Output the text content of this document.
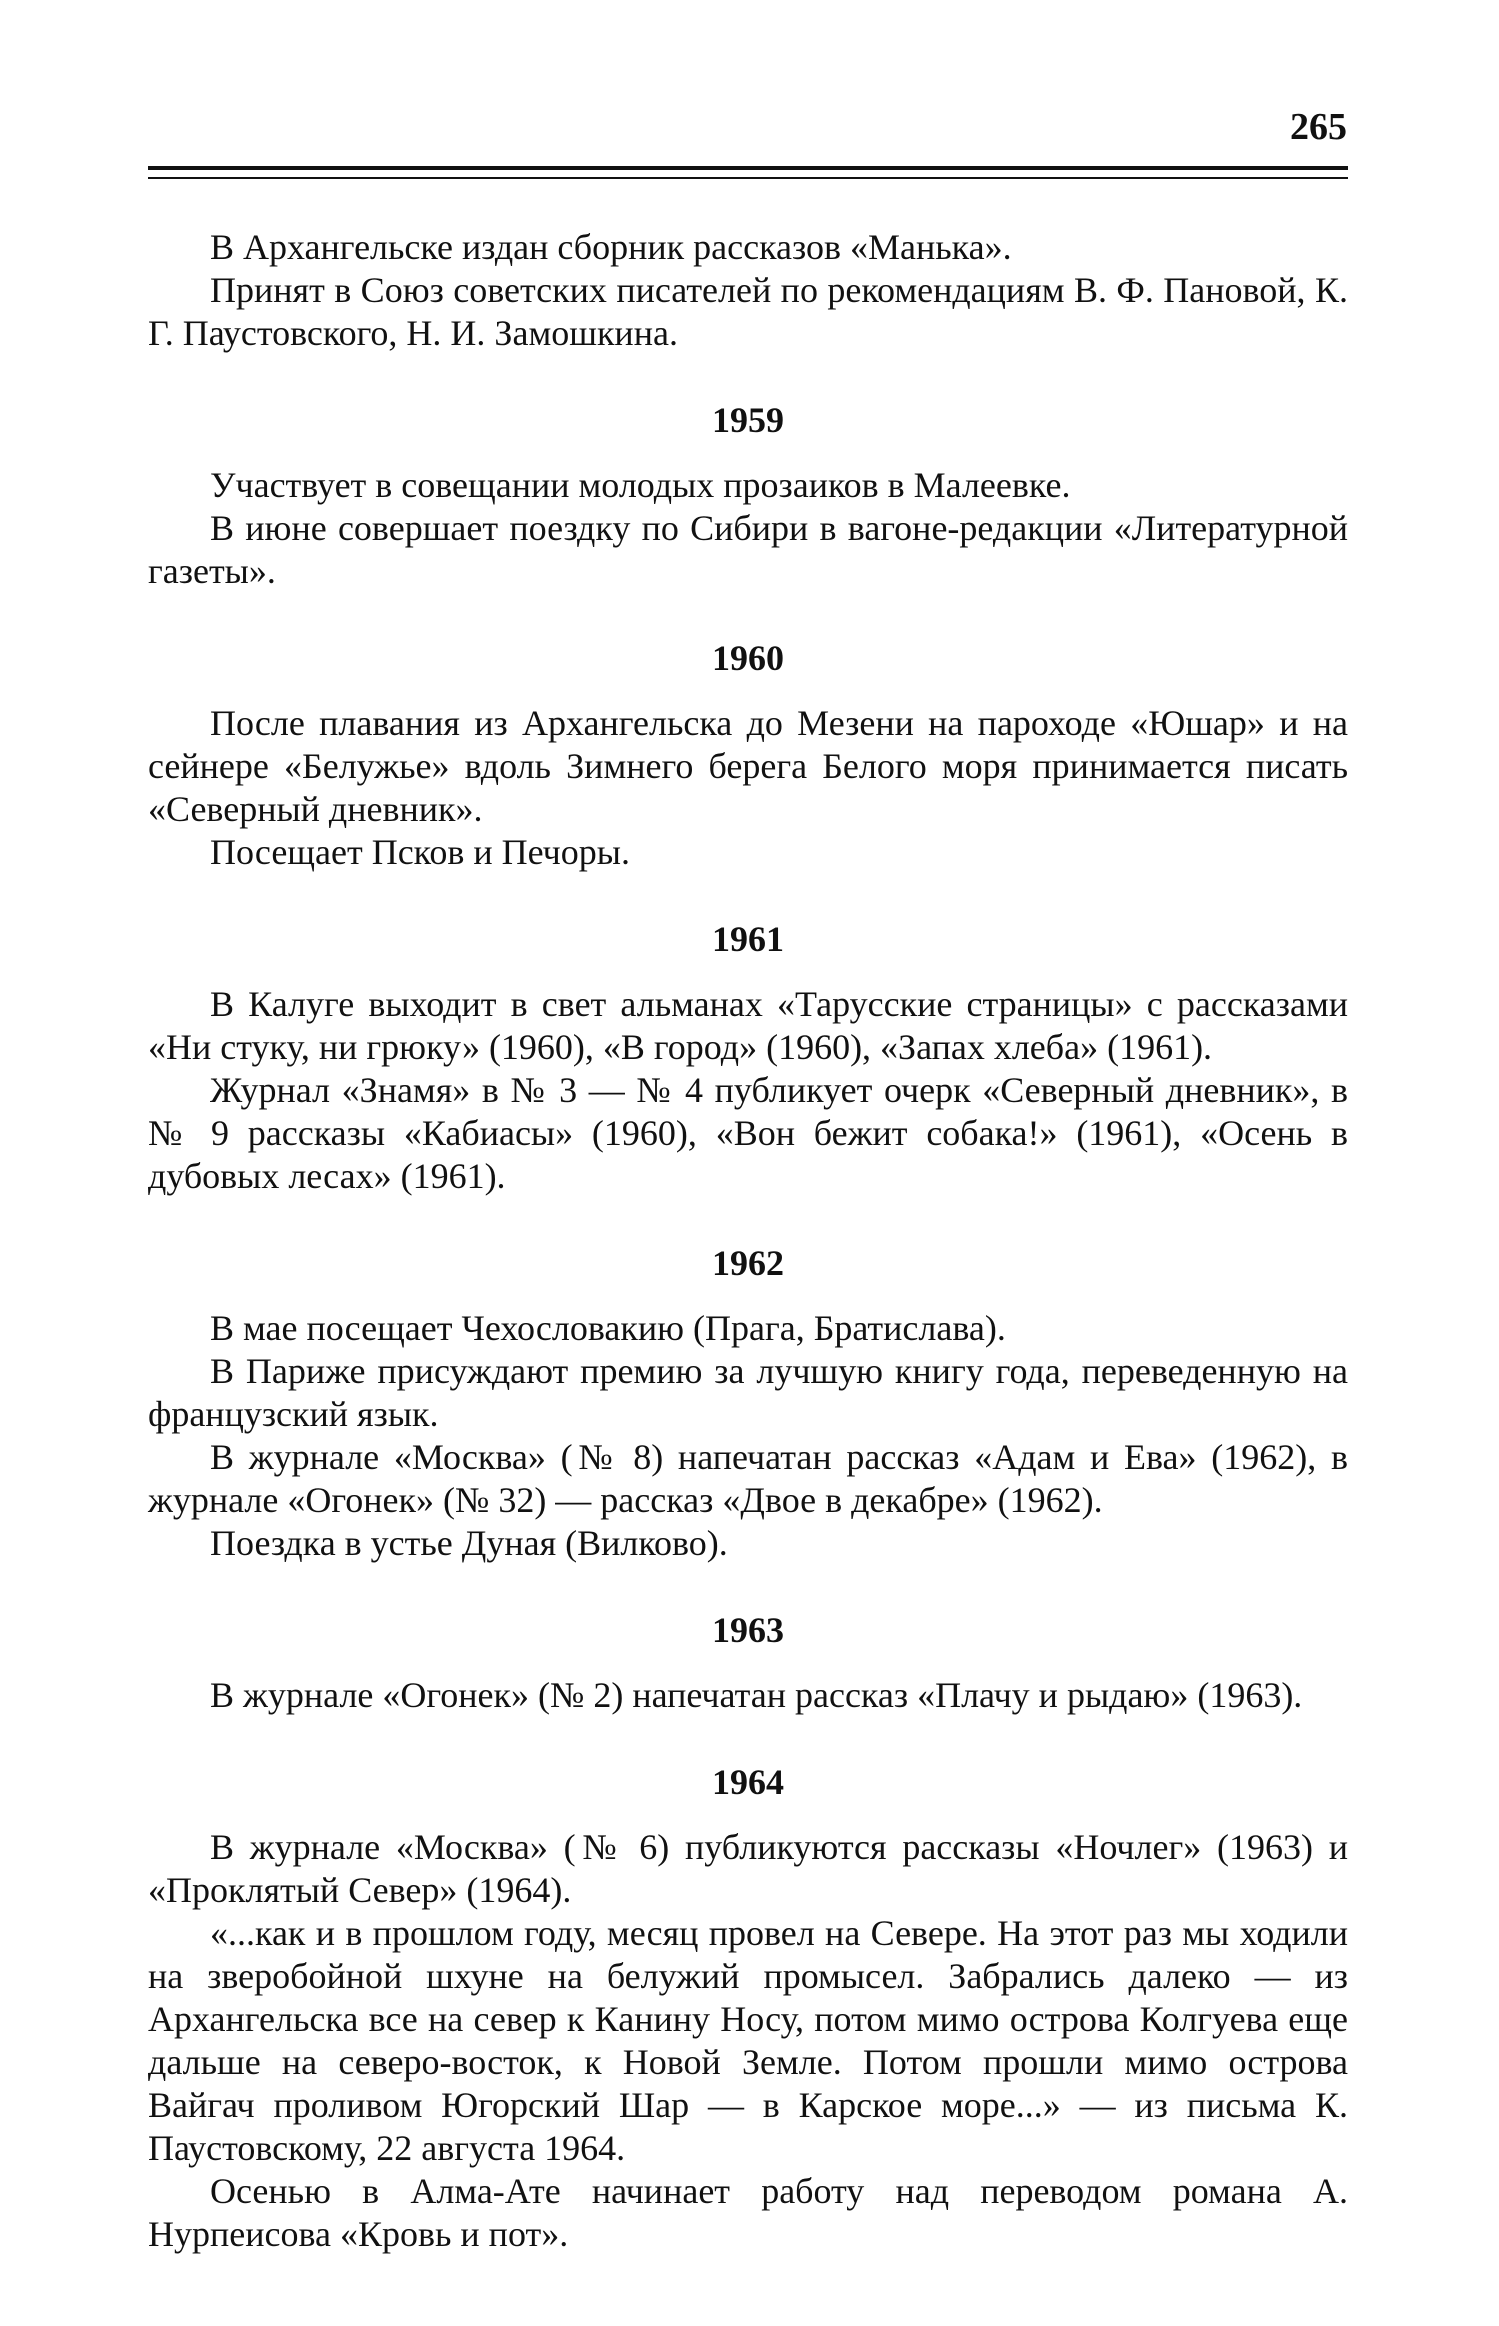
265

В Архангельске издан сборник рассказов «Манька».

Принят в Союз советских писателей по рекомендациям В. Ф. Пановой, К. Г. Паустовского, Н. И. Замошкина.

1959

Участвует в совещании молодых прозаиков в Малеевке.

В июне совершает поездку по Сибири в вагоне-редакции «Литературной газеты».

1960

После плавания из Архангельска до Мезени на пароходе «Юшар» и на сейнере «Белужье» вдоль Зимнего берега Белого моря принимается писать «Северный дневник».

Посещает Псков и Печоры.

1961

В Калуге выходит в свет альманах «Тарусские страницы» с рассказами «Ни стуку, ни грюку» (1960), «В город» (1960), «Запах хлеба» (1961).

Журнал «Знамя» в № 3 — № 4 публикует очерк «Северный дневник», в № 9 рассказы «Кабиасы» (1960), «Вон бежит собака!» (1961), «Осень в дубовых лесах» (1961).

1962

В мае посещает Чехословакию (Прага, Братислава).

В Париже присуждают премию за лучшую книгу года, переведенную на французский язык.

В журнале «Москва» (№ 8) напечатан рассказ «Адам и Ева» (1962), в журнале «Огонек» (№ 32) — рассказ «Двое в декабре» (1962).

Поездка в устье Дуная (Вилково).

1963

В журнале «Огонек» (№ 2) напечатан рассказ «Плачу и рыдаю» (1963).

1964

В журнале «Москва» (№ 6) публикуются рассказы «Ночлег» (1963) и «Проклятый Север» (1964).

«...как и в прошлом году, месяц провел на Севере. На этот раз мы ходили на зверобойной шхуне на белужий промысел. Забрались далеко — из Архангельска все на север к Канину Носу, потом мимо острова Колгуева еще дальше на северо-восток, к Новой Земле. Потом прошли мимо острова Вайгач проливом Югорский Шар — в Карское море...» — из письма К. Паустовскому, 22 августа 1964.

Осенью в Алма-Ате начинает работу над переводом романа А. Нурпеисова «Кровь и пот».
